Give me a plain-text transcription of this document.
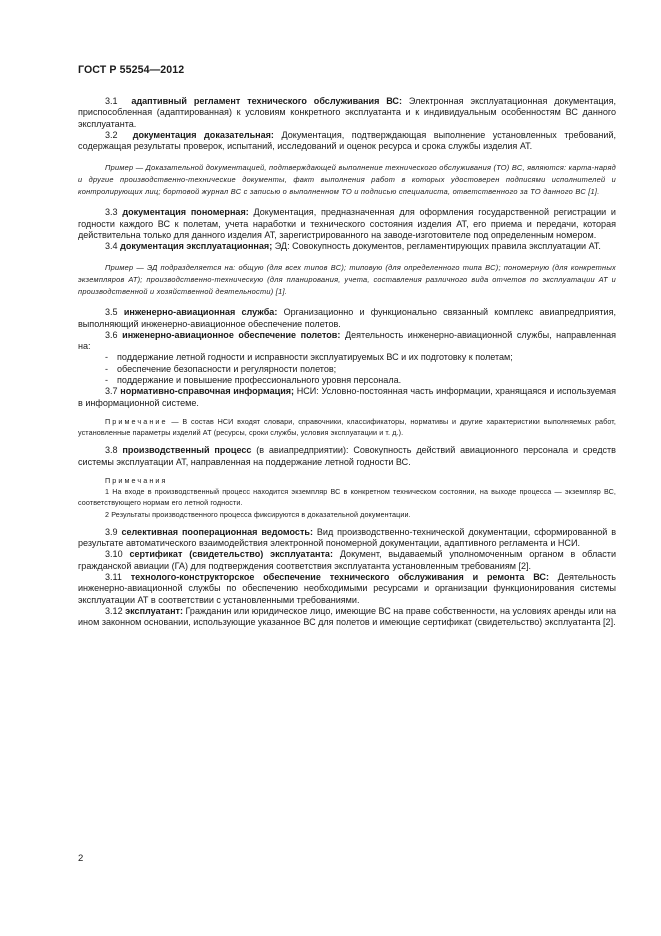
ГОСТ Р 55254—2012

3.1 адаптивный регламент технического обслуживания ВС: Электронная эксплуатационная документация, приспособленная (адаптированная) к условиям конкретного эксплуатанта и к индивидуальным особенностям ВС данного эксплуатанта.

3.2 документация доказательная: Документация, подтверждающая выполнение установленных требований, содержащая результаты проверок, испытаний, исследований и оценок ресурса и срока службы изделия АТ.

Пример — Доказательной документацией, подтверждающей выполнение технического обслуживания (ТО) ВС, являются: карта-наряд и другие производственно-технические документы, факт выполнения работ в которых удостоверен подписями исполнителей и контролирующих лиц; бортовой журнал ВС с записью о выполненном ТО и подписью специалиста, ответственного за ТО данного ВС [1].

3.3 документация пономерная: Документация, предназначенная для оформления государственной регистрации и годности каждого ВС к полетам, учета наработки и технического состояния изделия АТ, его приема и передачи, которая действительна только для данного изделия АТ, зарегистрированного на заводе-изготовителе под определенным номером.

3.4 документация эксплуатационная; ЭД: Совокупность документов, регламентирующих правила эксплуатации АТ.

Пример — ЭД подразделяется на: общую (для всех типов ВС); типовую (для определенного типа ВС); пономерную (для конкретных экземпляров АТ); производственно-техническую (для планирования, учета, составления различного вида отчетов по эксплуатации АТ и производственной и хозяйственной деятельности) [1].

3.5 инженерно-авиационная служба: Организационно и функционально связанный комплекс авиапредприятия, выполняющий инженерно-авиационное обеспечение полетов.

3.6 инженерно-авиационное обеспечение полетов: Деятельность инженерно-авиационной службы, направленная на:

- поддержание летной годности и исправности эксплуатируемых ВС и их подготовку к полетам;
- обеспечение безопасности и регулярности полетов;
- поддержание и повышение профессионального уровня персонала.

3.7 нормативно-справочная информация; НСИ: Условно-постоянная часть информации, хранящаяся и используемая в информационной системе.

Примечание — В состав НСИ входят словари, справочники, классификаторы, нормативы и другие характеристики выполняемых работ, установленные параметры изделий АТ (ресурсы, сроки службы, условия эксплуатации и т. д.).

3.8 производственный процесс (в авиапредприятии): Совокупность действий авиационного персонала и средств системы эксплуатации АТ, направленная на поддержание летной годности ВС.

Примечания

1 На входе в производственный процесс находится экземпляр ВС в конкретном техническом состоянии, на выходе процесса — экземпляр ВС, соответствующего нормам его летной годности.

2 Результаты производственного процесса фиксируются в доказательной документации.

3.9 селективная пооперационная ведомость: Вид производственно-технической документации, сформированной в результате автоматического взаимодействия электронной пономерной документации, адаптивного регламента и НСИ.

3.10 сертификат (свидетельство) эксплуатанта: Документ, выдаваемый уполномоченным органом в области гражданской авиации (ГА) для подтверждения соответствия эксплуатанта установленным требованиям [2].

3.11 технолого-конструкторское обеспечение технического обслуживания и ремонта ВС: Деятельность инженерно-авиационной службы по обеспечению необходимыми ресурсами и организации функционирования системы эксплуатации АТ в соответствии с установленными требованиями.

3.12 эксплуатант: Гражданин или юридическое лицо, имеющие ВС на праве собственности, на условиях аренды или на ином законном основании, использующие указанное ВС для полетов и имеющие сертификат (свидетельство) эксплуатанта [2].

2
